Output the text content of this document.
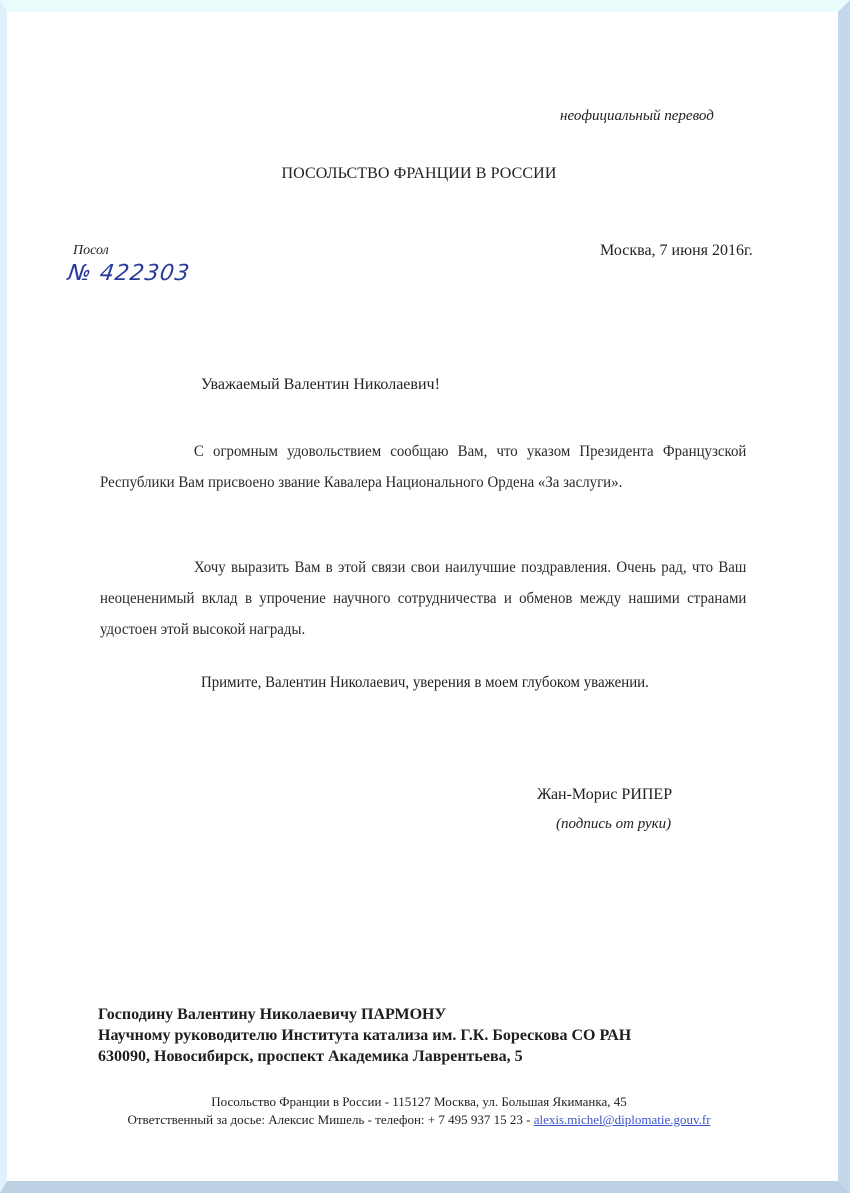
неофициальный перевод
ПОСОЛЬСТВО ФРАНЦИИ В РОССИИ
Посол
№ 422303
Москва, 7 июня 2016г.
Уважаемый Валентин Николаевич!
С огромным удовольствием сообщаю Вам, что указом Президента Французской Республики Вам присвоено звание Кавалера Национального Ордена «За заслуги».
Хочу выразить Вам в этой связи свои наилучшие поздравления. Очень рад, что Ваш неоцененимый вклад в упрочение научного сотрудничества и обменов между нашими странами удостоен этой высокой награды.
Примите, Валентин Николаевич, уверения в моем глубоком уважении.
Жан-Морис РИПЕР
(подпись от руки)
Господину Валентину Николаевичу ПАРМОНУ
Научному руководителю Института катализа им. Г.К. Борескова СО РАН
630090, Новосибирск, проспект Академика Лаврентьева, 5
Посольство Франции в России - 115127 Москва, ул. Большая Якиманка, 45
Ответственный за досье: Алексис Мишель - телефон: + 7 495 937 15 23 - alexis.michel@diplomatie.gouv.fr
